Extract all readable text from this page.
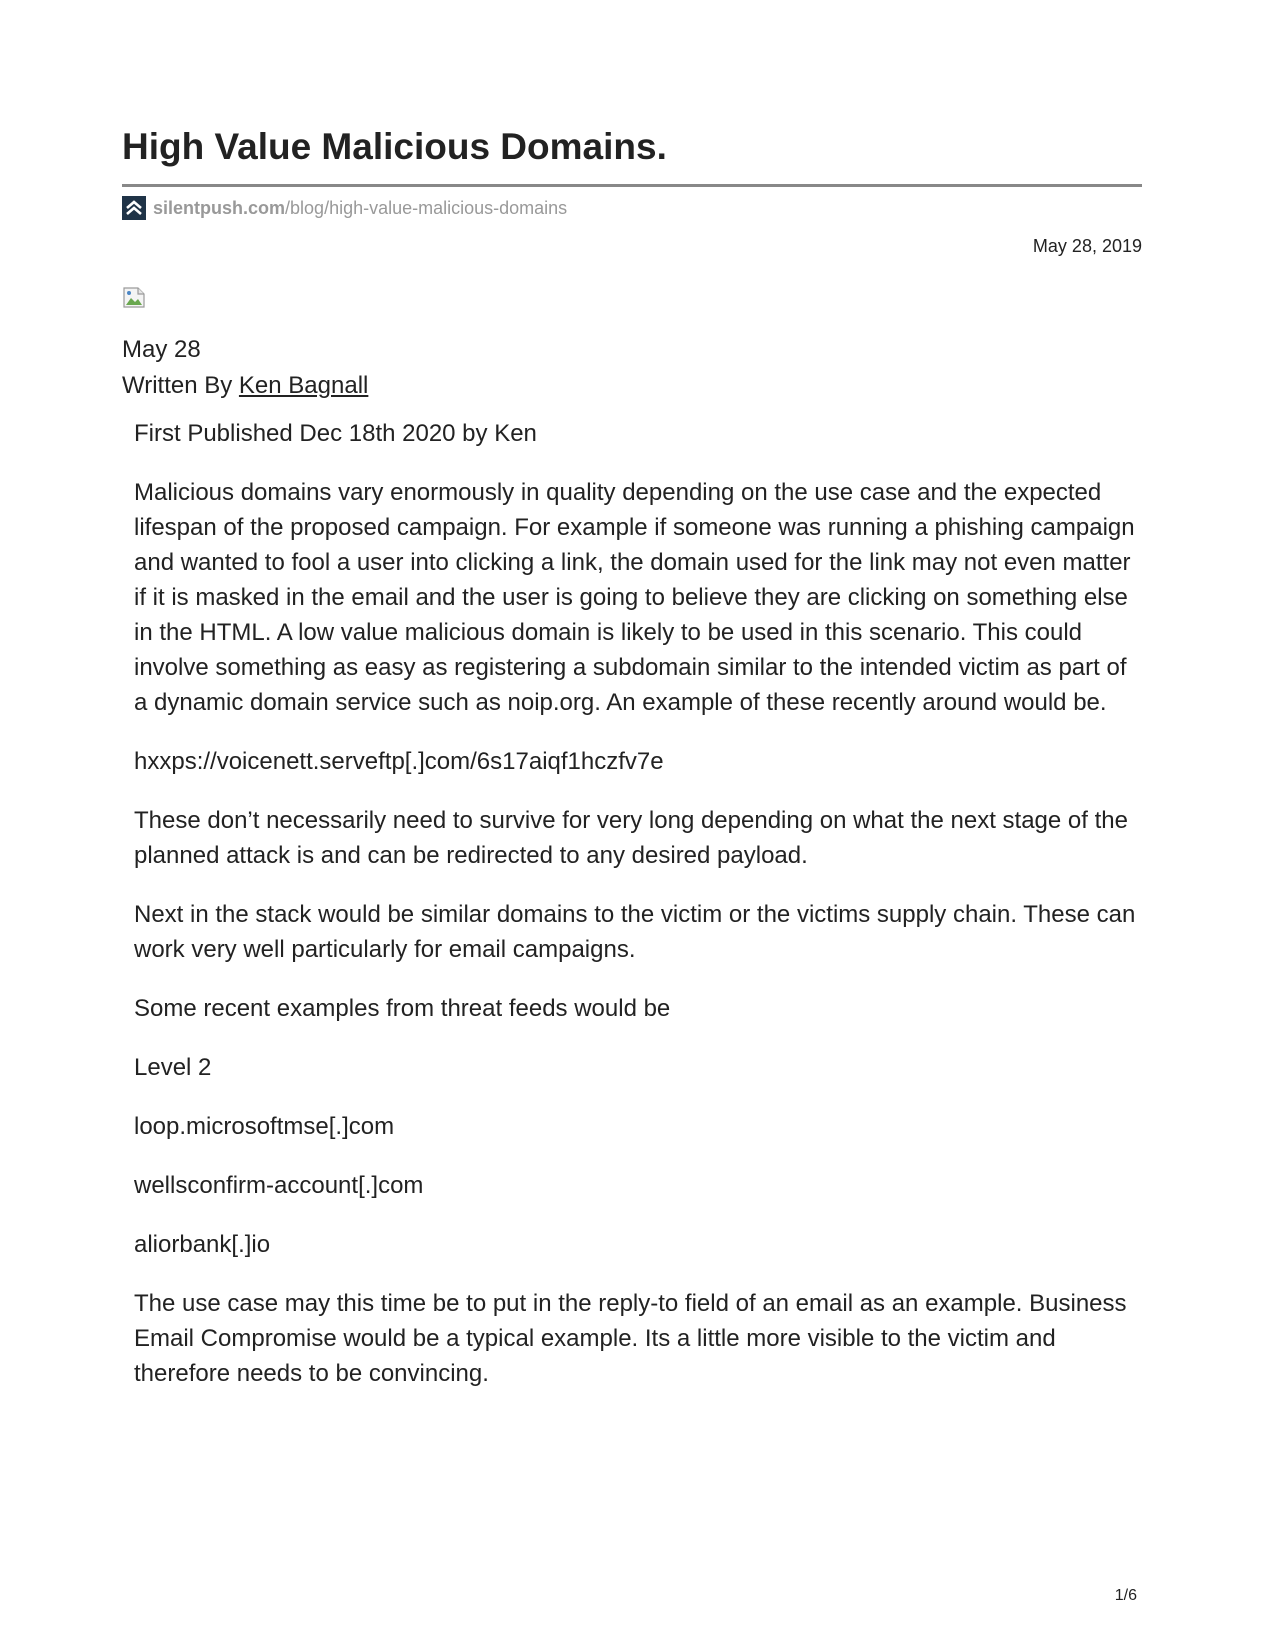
High Value Malicious Domains.
silentpush.com /blog/high-value-malicious-domains
May 28, 2019
May 28
Written By Ken Bagnall

First Published Dec 18th 2020 by Ken

Malicious domains vary enormously in quality depending on the use case and the expected lifespan of the proposed campaign. For example if someone was running a phishing campaign and wanted to fool a user into clicking a link, the domain used for the link may not even matter if it is masked in the email and the user is going to believe they are clicking on something else in the HTML. A low value malicious domain is likely to be used in this scenario. This could involve something as easy as registering a subdomain similar to the intended victim as part of a dynamic domain service such as noip.org. An example of these recently around would be.

hxxps://voicenett.serveftp[.]com/6s17aiqf1hczfv7e

These don’t necessarily need to survive for very long depending on what the next stage of the planned attack is and can be redirected to any desired payload.

Next in the stack would be similar domains to the victim or the victims supply chain. These can work very well particularly for email campaigns.

Some recent examples from threat feeds would be

Level 2

loop.microsoftmse[.]com

wellsconfirm-account[.]com

aliorbank[.]io

The use case may this time be to put in the reply-to field of an email as an example. Business Email Compromise would be a typical example. Its a little more visible to the victim and therefore needs to be convincing.

1/6
